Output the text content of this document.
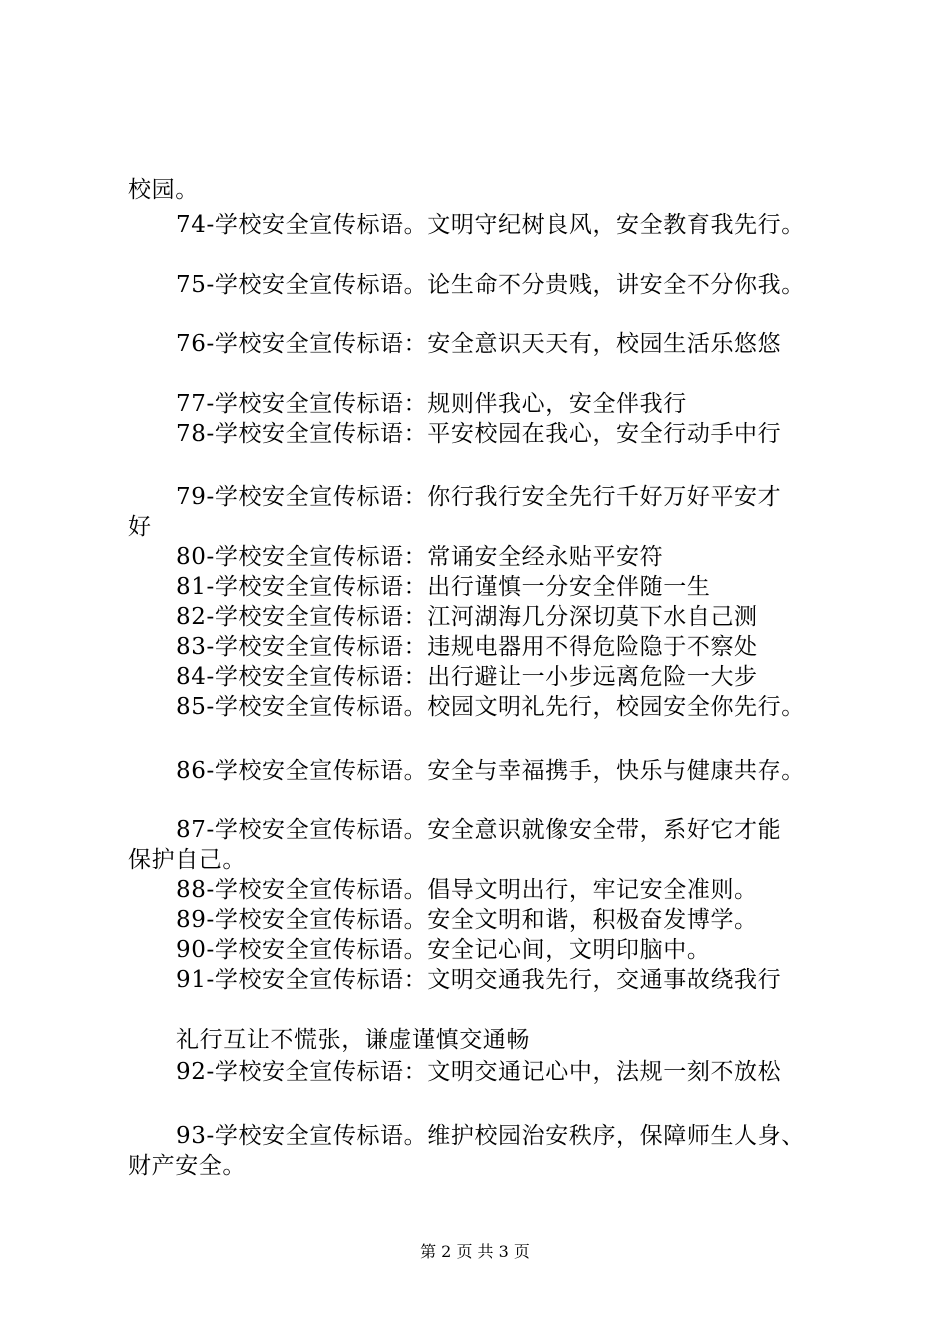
校园。
74-学校安全宣传标语。文明守纪树良风，安全教育我先行。
75-学校安全宣传标语。论生命不分贵贱，讲安全不分你我。
76-学校安全宣传标语：安全意识天天有，校园生活乐悠悠
77-学校安全宣传标语：规则伴我心，安全伴我行
78-学校安全宣传标语：平安校园在我心，安全行动手中行
79-学校安全宣传标语：你行我行安全先行千好万好平安才
好
80-学校安全宣传标语：常诵安全经永贴平安符
81-学校安全宣传标语：出行谨慎一分安全伴随一生
82-学校安全宣传标语：江河湖海几分深切莫下水自己测
83-学校安全宣传标语：违规电器用不得危险隐于不察处
84-学校安全宣传标语：出行避让一小步远离危险一大步
85-学校安全宣传标语。校园文明礼先行，校园安全你先行。
86-学校安全宣传标语。安全与幸福携手，快乐与健康共存。
87-学校安全宣传标语。安全意识就像安全带，系好它才能
保护自己。
88-学校安全宣传标语。倡导文明出行，牢记安全准则。
89-学校安全宣传标语。安全文明和谐，积极奋发博学。
90-学校安全宣传标语。安全记心间，文明印脑中。
91-学校安全宣传标语：文明交通我先行，交通事故绕我行
礼行互让不慌张，谦虚谨慎交通畅
92-学校安全宣传标语：文明交通记心中，法规一刻不放松
93-学校安全宣传标语。维护校园治安秩序，保障师生人身、
财产安全。
第 2 页 共 3 页
